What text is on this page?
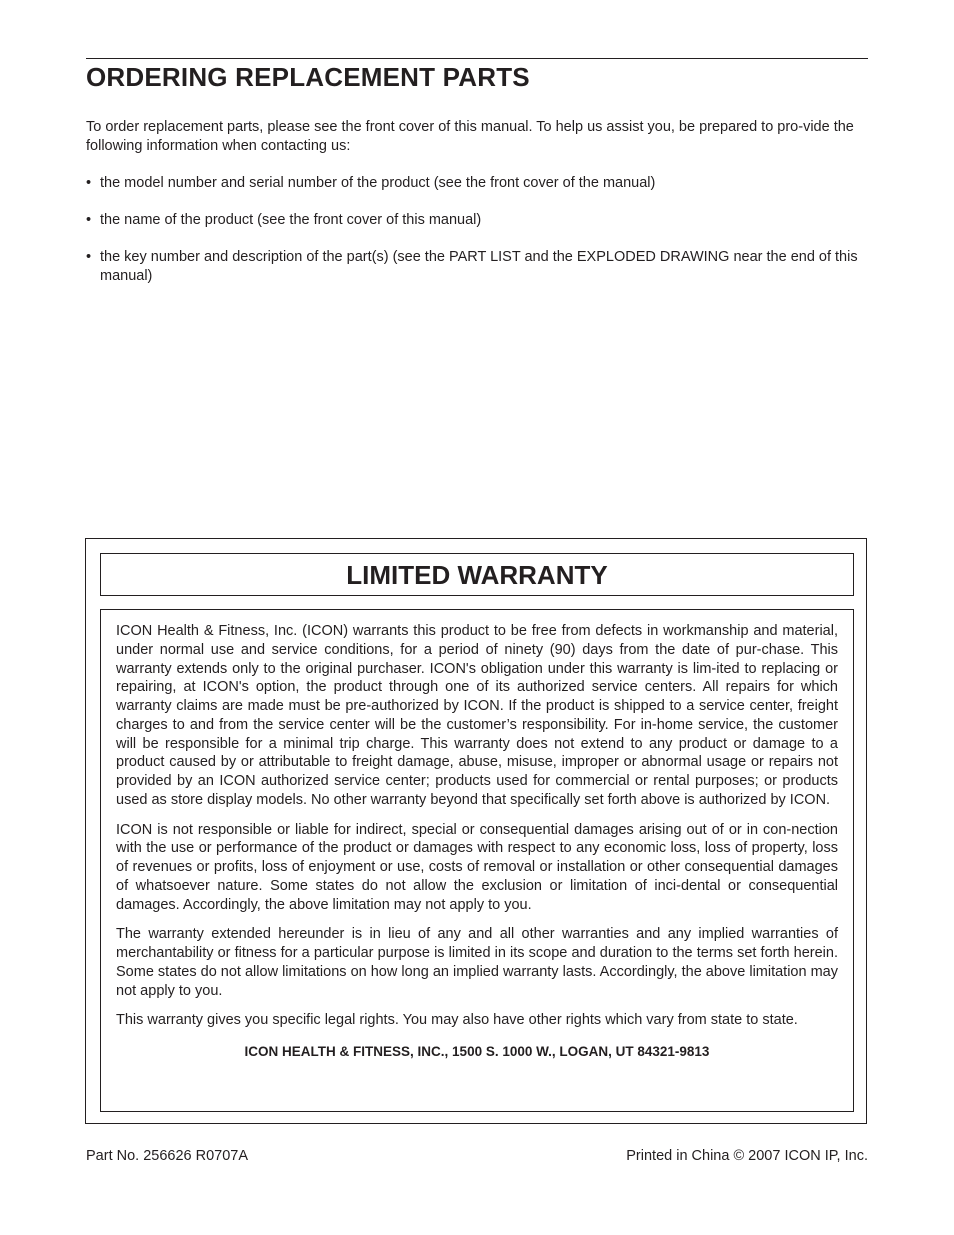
ORDERING REPLACEMENT PARTS

To order replacement parts, please see the front cover of this manual. To help us assist you, be prepared to pro-vide the following information when contacting us:

• the model number and serial number of the product (see the front cover of the manual)
• the name of the product (see the front cover of this manual)
• the key number and description of the part(s) (see the PART LIST and the EXPLODED DRAWING near the end of this manual)
LIMITED WARRANTY

ICON Health & Fitness, Inc. (ICON) warrants this product to be free from defects in workmanship and material, under normal use and service conditions, for a period of ninety (90) days from the date of pur-chase. This warranty extends only to the original purchaser. ICON's obligation under this warranty is lim-ited to replacing or repairing, at ICON's option, the product through one of its authorized service centers. All repairs for which warranty claims are made must be pre-authorized by ICON. If the product is shipped to a service center, freight charges to and from the service center will be the customer’s responsibility. For in-home service, the customer will be responsible for a minimal trip charge. This warranty does not extend to any product or damage to a product caused by or attributable to freight damage, abuse, misuse, improper or abnormal usage or repairs not provided by an ICON authorized service center; products used for commercial or rental purposes; or products used as store display models. No other warranty beyond that specifically set forth above is authorized by ICON.

ICON is not responsible or liable for indirect, special or consequential damages arising out of or in con-nection with the use or performance of the product or damages with respect to any economic loss, loss of property, loss of revenues or profits, loss of enjoyment or use, costs of removal or installation or other consequential damages of whatsoever nature. Some states do not allow the exclusion or limitation of inci-dental or consequential damages. Accordingly, the above limitation may not apply to you.

The warranty extended hereunder is in lieu of any and all other warranties and any implied warranties of merchantability or fitness for a particular purpose is limited in its scope and duration to the terms set forth herein. Some states do not allow limitations on how long an implied warranty lasts. Accordingly, the above limitation may not apply to you.

This warranty gives you specific legal rights. You may also have other rights which vary from state to state.

ICON HEALTH & FITNESS, INC., 1500 S. 1000 W., LOGAN, UT 84321-9813

Part No. 256626 R0707A	Printed in China © 2007 ICON IP, Inc.
